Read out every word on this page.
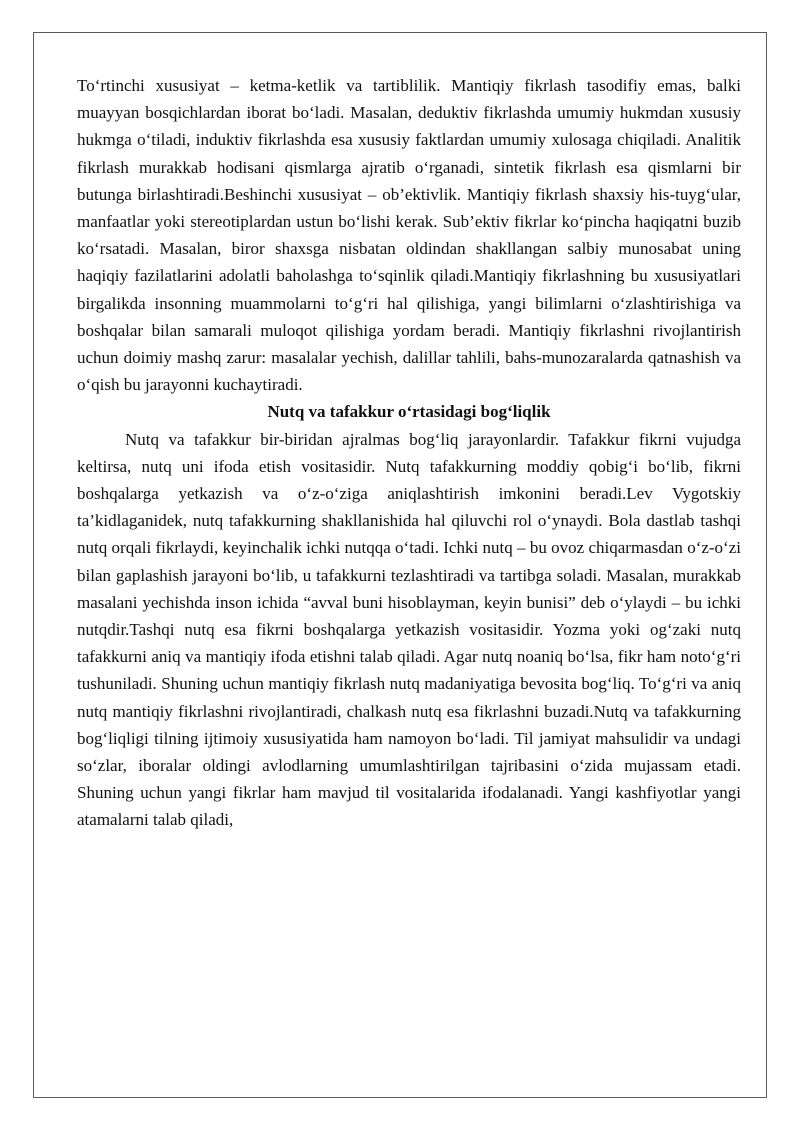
To‘rtinchi xususiyat – ketma-ketlik va tartiblilik. Mantiqiy fikrlash tasodifiy emas, balki muayyan bosqichlardan iborat bo‘ladi. Masalan, deduktiv fikrlashda umumiy hukmdan xususiy hukmga o‘tiladi, induktiv fikrlashda esa xususiy faktlardan umumiy xulosaga chiqiladi. Analitik fikrlash murakkab hodisani qismlarga ajratib o‘rganadi, sintetik fikrlash esa qismlarni bir butunga birlashtiradi.Beshinchi xususiyat – ob’ektivlik. Mantiqiy fikrlash shaxsiy his-tuyg‘ular, manfaatlar yoki stereotiplardan ustun bo‘lishi kerak. Sub’ektiv fikrlar ko‘pincha haqiqatni buzib ko‘rsatadi. Masalan, biror shaxsga nisbatan oldindan shakllangan salbiy munosabat uning haqiqiy fazilatlarini adolatli baholashga to‘sqinlik qiladi.Mantiqiy fikrlashning bu xususiyatlari birgalikda insonning muammolarni to‘g‘ri hal qilishiga, yangi bilimlarni o‘zlashtirishiga va boshqalar bilan samarali muloqot qilishiga yordam beradi. Mantiqiy fikrlashni rivojlantirish uchun doimiy mashq zarur: masalalar yechish, dalillar tahlili, bahs-munozaralarda qatnashish va o‘qish bu jarayonni kuchaytiradi.

Nutq va tafakkur o‘rtasidagi bog‘liqlik

Nutq va tafakkur bir-biridan ajralmas bog‘liq jarayonlardir. Tafakkur fikrni vujudga keltirsa, nutq uni ifoda etish vositasidir. Nutq tafakkurning moddiy qobig‘i bo‘lib, fikrni boshqalarga yetkazish va o‘z-o‘ziga aniqlashtirish imkonini beradi.Lev Vygotskiy ta’kidlaganidek, nutq tafakkurning shakllanishida hal qiluvchi rol o‘ynaydi. Bola dastlab tashqi nutq orqali fikrlaydi, keyinchalik ichki nutqqa o‘tadi. Ichki nutq – bu ovoz chiqarmasdan o‘z-o‘zi bilan gaplashish jarayoni bo‘lib, u tafakkurni tezlashtiradi va tartibga soladi. Masalan, murakkab masalani yechishda inson ichida “avval buni hisoblayman, keyin bunisi” deb o‘ylaydi – bu ichki nutqdir.Tashqi nutq esa fikrni boshqalarga yetkazish vositasidir. Yozma yoki og‘zaki nutq tafakkurni aniq va mantiqiy ifoda etishni talab qiladi. Agar nutq noaniq bo‘lsa, fikr ham noto‘g‘ri tushuniladi. Shuning uchun mantiqiy fikrlash nutq madaniyatiga bevosita bog‘liq. To‘g‘ri va aniq nutq mantiqiy fikrlashni rivojlantiradi, chalkash nutq esa fikrlashni buzadi.Nutq va tafakkurning bog‘liqligi tilning ijtimoiy xususiyatida ham namoyon bo‘ladi. Til jamiyat mahsulidir va undagi so‘zlar, iboralar oldingi avlodlarning umumlashtirilgan tajribasini o‘zida mujassam etadi. Shuning uchun yangi fikrlar ham mavjud til vositalarida ifodalanadi. Yangi kashfiyotlar yangi atamalarni talab qiladi,
